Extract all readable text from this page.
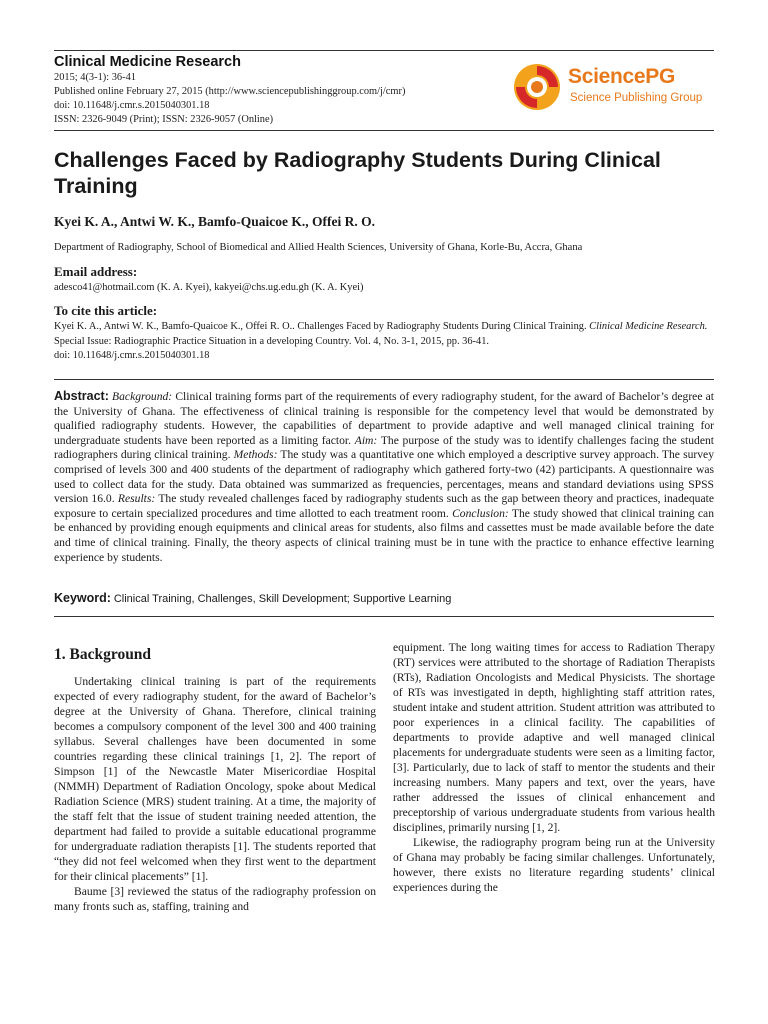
Clinical Medicine Research
2015; 4(3-1): 36-41
Published online February 27, 2015 (http://www.sciencepublishinggroup.com/j/cmr)
doi: 10.11648/j.cmr.s.2015040301.18
ISSN: 2326-9049 (Print); ISSN: 2326-9057 (Online)
SciencePG
Science Publishing Group
Challenges Faced by Radiography Students During Clinical Training
Kyei K. A., Antwi W. K., Bamfo-Quaicoe K., Offei R. O.
Department of Radiography, School of Biomedical and Allied Health Sciences, University of Ghana, Korle-Bu, Accra, Ghana
Email address:
adesco41@hotmail.com (K. A. Kyei), kakyei@chs.ug.edu.gh (K. A. Kyei)
To cite this article:
Kyei K. A., Antwi W. K., Bamfo-Quaicoe K., Offei R. O.. Challenges Faced by Radiography Students During Clinical Training. Clinical Medicine Research. Special Issue: Radiographic Practice Situation in a developing Country. Vol. 4, No. 3-1, 2015, pp. 36-41.
doi: 10.11648/j.cmr.s.2015040301.18
Abstract: Background: Clinical training forms part of the requirements of every radiography student, for the award of Bachelor’s degree at the University of Ghana. The effectiveness of clinical training is responsible for the competency level that would be demonstrated by qualified radiography students. However, the capabilities of department to provide adaptive and well managed clinical training for undergraduate students have been reported as a limiting factor. Aim: The purpose of the study was to identify challenges facing the student radiographers during clinical training. Methods: The study was a quantitative one which employed a descriptive survey approach. The survey comprised of levels 300 and 400 students of the department of radiography which gathered forty-two (42) participants. A questionnaire was used to collect data for the study. Data obtained was summarized as frequencies, percentages, means and standard deviations using SPSS version 16.0. Results: The study revealed challenges faced by radiography students such as the gap between theory and practices, inadequate exposure to certain specialized procedures and time allotted to each treatment room. Conclusion: The study showed that clinical training can be enhanced by providing enough equipments and clinical areas for students, also films and cassettes must be made available before the date and time of clinical training. Finally, the theory aspects of clinical training must be in tune with the practice to enhance effective learning experience by students.
Keyword: Clinical Training, Challenges, Skill Development; Supportive Learning
1. Background

Undertaking clinical training is part of the requirements expected of every radiography student, for the award of Bachelor’s degree at the University of Ghana. Therefore, clinical training becomes a compulsory component of the level 300 and 400 training syllabus. Several challenges have been documented in some countries regarding these clinical trainings [1, 2]. The report of Simpson [1] of the Newcastle Mater Misericordiae Hospital (NMMH) Department of Radiation Oncology, spoke about Medical Radiation Science (MRS) student training. At a time, the majority of the staff felt that the issue of student training needed attention, the department had failed to provide a suitable educational programme for undergraduate radiation therapists [1]. The students reported that “they did not feel welcomed when they first went to the department for their clinical placements” [1].

Baume [3] reviewed the status of the radiography profession on many fronts such as, staffing, training and

equipment. The long waiting times for access to Radiation Therapy (RT) services were attributed to the shortage of Radiation Therapists (RTs), Radiation Oncologists and Medical Physicists. The shortage of RTs was investigated in depth, highlighting staff attrition rates, student intake and student attrition. Student attrition was attributed to poor experiences in a clinical facility. The capabilities of departments to provide adaptive and well managed clinical placements for undergraduate students were seen as a limiting factor, [3]. Particularly, due to lack of staff to mentor the students and their increasing numbers. Many papers and text, over the years, have rather addressed the issues of clinical enhancement and preceptorship of various undergraduate students from various health disciplines, primarily nursing [1, 2].

Likewise, the radiography program being run at the University of Ghana may probably be facing similar challenges. Unfortunately, however, there exists no literature regarding students’ clinical experiences during the
